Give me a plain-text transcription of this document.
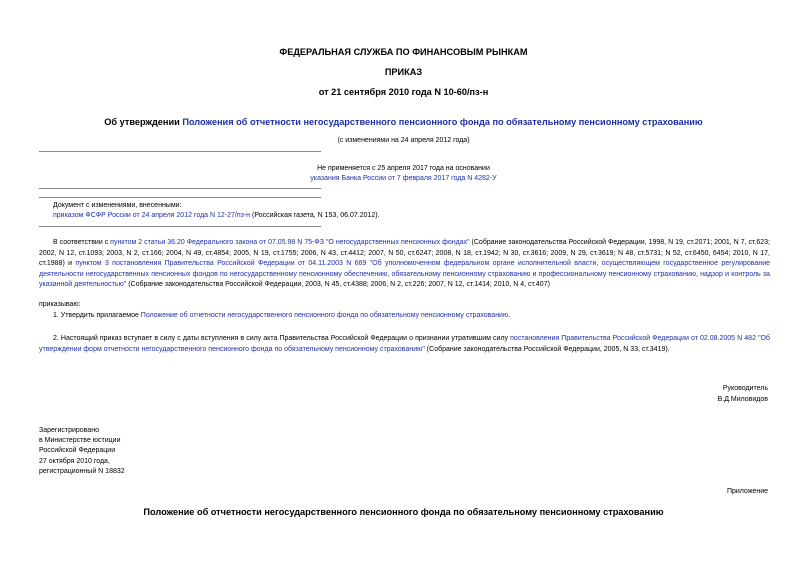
ФЕДЕРАЛЬНАЯ СЛУЖБА ПО ФИНАНСОВЫМ РЫНКАМ
ПРИКАЗ
от 21 сентября 2010 года N 10-60/пз-н
Об утверждении Положения об отчетности негосударственного пенсионного фонда по обязательному пенсионному страхованию
(с изменениями на 24 апреля 2012 года)
Не применяется с 25 апреля 2017 года на основании
указания Банка России от 7 февраля 2017 года N 4282-У
Документ с изменениями, внесенными:
приказом ФСФР России от 24 апреля 2012 года N 12-27/пз-н (Российская газета, N 153, 06.07.2012).

В соответствии с пунктом 2 статьи 36.20 Федерального закона от 07.05.98 N 75-ФЗ "О негосударственных пенсионных фондах" (Собрание законодательства Российской Федерации, 1998, N 19, ст.2071; 2001, N 7, ст.623; 2002, N 12, ст.1093; 2003, N 2, ст.166; 2004, N 49, ст.4854; 2005, N 19, ст.1755; 2006, N 43, ст.4412; 2007, N 50, ст.6247; 2008, N 18, ст.1942; N 30, ст.3616; 2009, N 29, ст.3619; N 48, ст.5731; N 52, ст.6450, 6454; 2010, N 17, ст.1988) и пунктом 3 постановления Правительства Российской Федерации от 04.11.2003 N 669 "Об уполномоченном федеральном органе исполнительной власти, осуществляющем государственное регулирование деятельности негосударственных пенсионных фондов по негосударственному пенсионному обеспечению, обязательному пенсионному страхованию и профессиональному пенсионному страхованию, надзор и контроль за указанной деятельностью" (Собрание законодательства Российской Федерации, 2003, N 45, ст.4388; 2006, N 2, ст.226; 2007, N 12, ст.1414; 2010, N 4, ст.407)

приказываю:

1. Утвердить прилагаемое Положение об отчетности негосударственного пенсионного фонда по обязательному пенсионному страхованию.

2. Настоящий приказ вступает в силу с даты вступления в силу акта Правительства Российской Федерации о признании утратившим силу постановления Правительства Российской Федерации от 02.08.2005 N 482 "Об утверждении форм отчетности негосударственного пенсионного фонда по обязательному пенсионному страхованию" (Собрание законодательства Российской Федерации, 2005, N 33, ст.3419).

Руководитель
В.Д.Миловидов
Зарегистрировано
в Министерстве юстиции
Российской Федерации
27 октября 2010 года,
регистрационный N 18832
Приложение
Положение об отчетности негосударственного пенсионного фонда по обязательному пенсионному страхованию
